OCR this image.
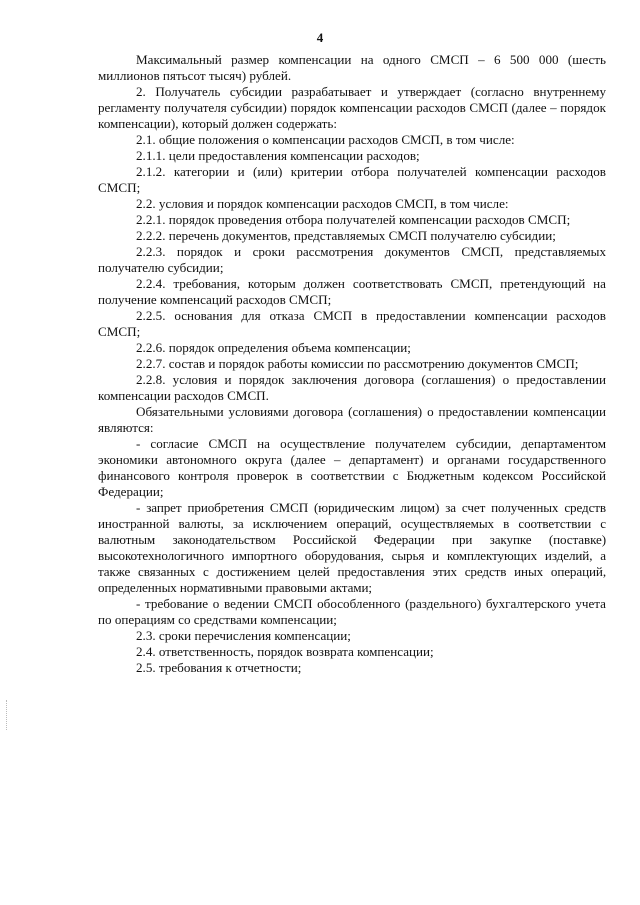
4

Максимальный размер компенсации на одного СМСП – 6 500 000 (шесть миллионов пятьсот тысяч) рублей.

2. Получатель субсидии разрабатывает и утверждает (согласно внутреннему регламенту получателя субсидии) порядок компенсации расходов СМСП (далее – порядок компенсации), который должен содержать:

2.1. общие положения о компенсации расходов СМСП, в том числе:

2.1.1. цели предоставления компенсации расходов;

2.1.2. категории и (или) критерии отбора получателей компенсации расходов СМСП;

2.2. условия и порядок компенсации расходов СМСП, в том числе:

2.2.1. порядок проведения отбора получателей компенсации расходов СМСП;

2.2.2. перечень документов, представляемых СМСП получателю субсидии;

2.2.3. порядок и сроки рассмотрения документов СМСП, представляемых получателю субсидии;

2.2.4. требования, которым должен соответствовать СМСП, претендующий на получение компенсаций расходов СМСП;

2.2.5. основания для отказа СМСП в предоставлении компенсации расходов СМСП;

2.2.6. порядок определения объема компенсации;

2.2.7. состав и порядок работы комиссии по рассмотрению документов СМСП;

2.2.8. условия и порядок заключения договора (соглашения) о предоставлении компенсации расходов СМСП.

Обязательными условиями договора (соглашения) о предоставлении компенсации являются:

- согласие СМСП на осуществление получателем субсидии, департаментом экономики автономного округа (далее – департамент) и органами государственного финансового контроля проверок в соответствии с Бюджетным кодексом Российской Федерации;

- запрет приобретения СМСП (юридическим лицом) за счет полученных средств иностранной валюты, за исключением операций, осуществляемых в соответствии с валютным законодательством Российской Федерации при закупке (поставке) высокотехнологичного импортного оборудования, сырья и комплектующих изделий, а также связанных с достижением целей предоставления этих средств иных операций, определенных нормативными правовыми актами;

- требование о ведении СМСП обособленного (раздельного) бухгалтерского учета по операциям со средствами компенсации;

2.3. сроки перечисления компенсации;

2.4. ответственность, порядок возврата компенсации;

2.5. требования к отчетности;
